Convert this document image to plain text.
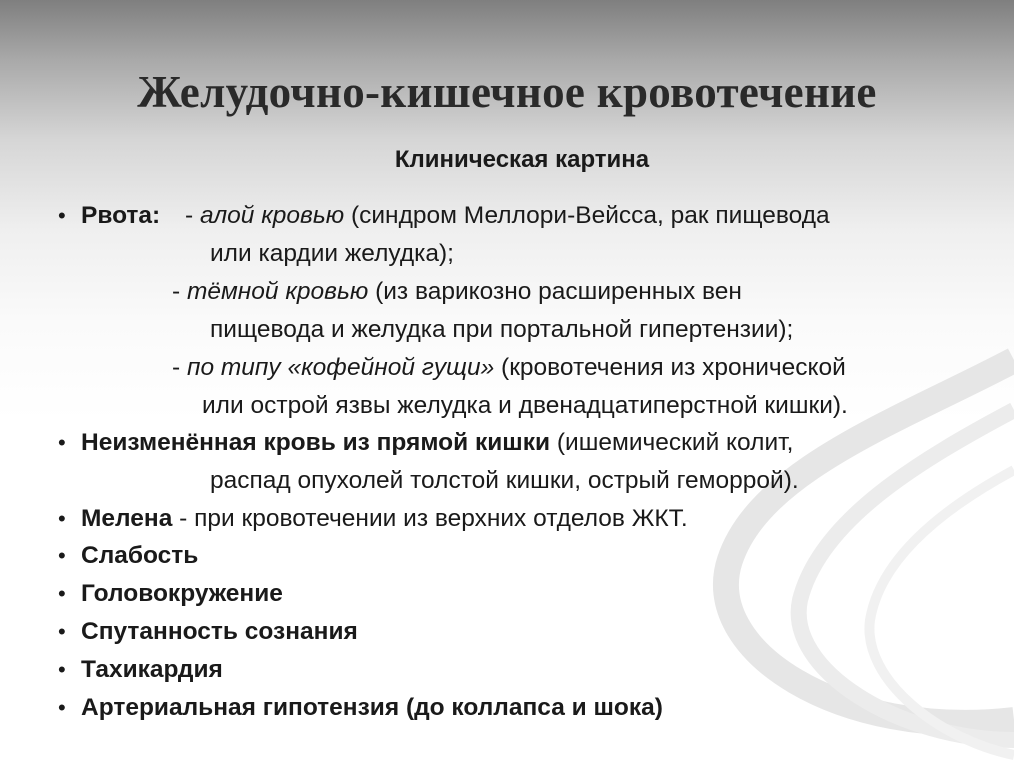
Желудочно-кишечное кровотечение
Клиническая картина
• Рвота: - алой кровью (синдром Меллори-Вейсса, рак пищевода
или кардии желудка);
- тёмной кровью (из варикозно расширенных вен
пищевода и желудка при портальной гипертензии);
- по типу «кофейной гущи» (кровотечения из хронической
или острой язвы желудка и двенадцатиперстной кишки).
• Неизменённая кровь из прямой кишки (ишемический колит,
распад опухолей толстой кишки, острый геморрой).
• Мелена - при кровотечении из верхних отделов ЖКТ.
• Слабость
• Головокружение
• Спутанность сознания
• Тахикардия
• Артериальная гипотензия (до коллапса и шока)
